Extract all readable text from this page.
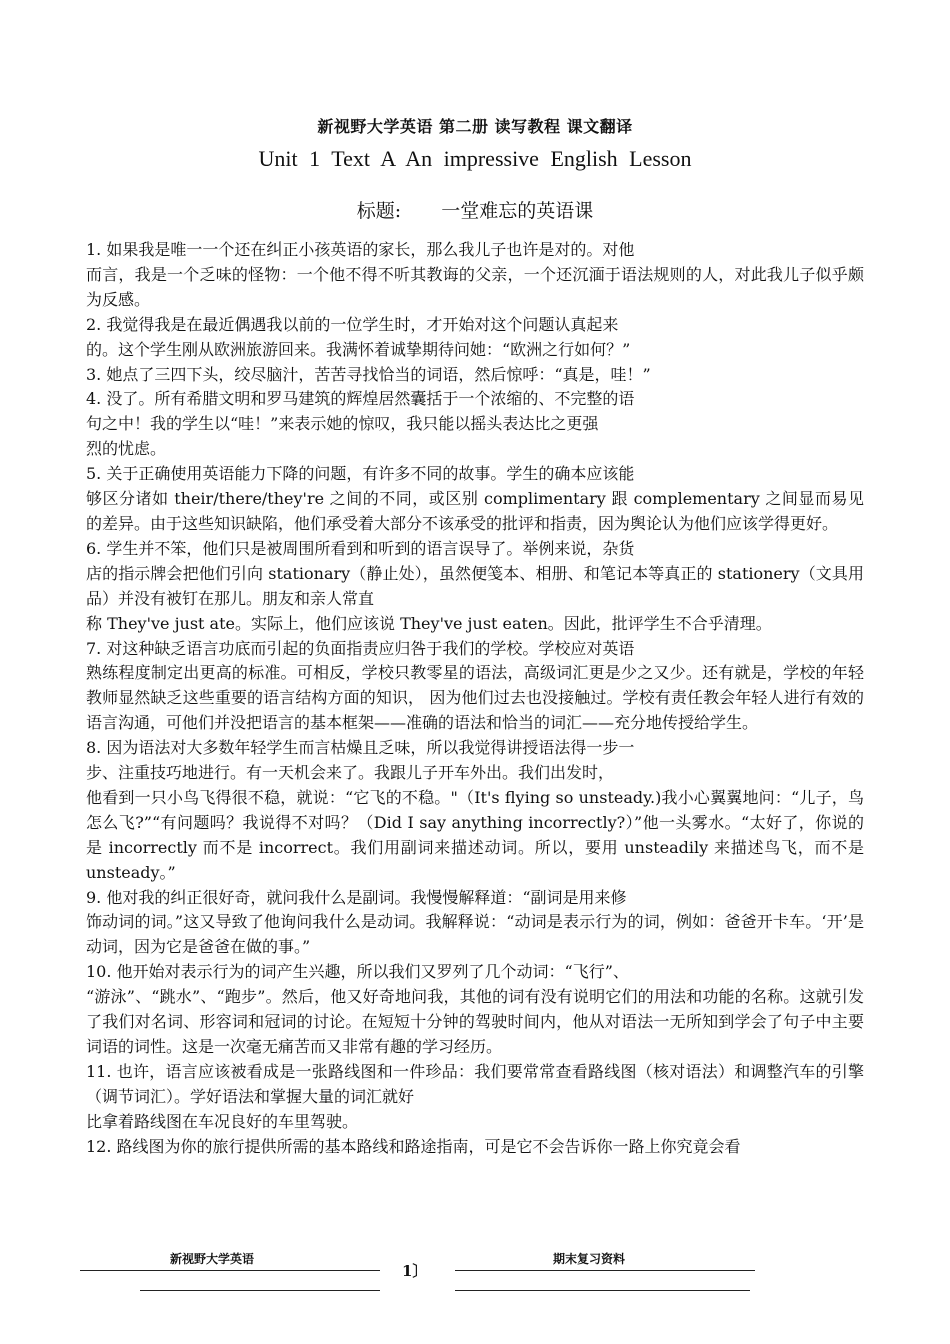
新视野大学英语 第二册 读写教程 课文翻译
Unit 1 Text A An impressive English Lesson
标题: 一堂难忘的英语课

1. 如果我是唯一一个还在纠正小孩英语的家长，那么我儿子也许是对的。对他
而言，我是一个乏味的怪物：一个他不得不听其教诲的父亲，一个还沉湎于语法规则的人，对此我儿子似乎颇为反感。

2. 我觉得我是在最近偶遇我以前的一位学生时，才开始对这个问题认真起来
的。这个学生刚从欧洲旅游回来。我满怀着诚挚期待问她：“欧洲之行如何？”

3. 她点了三四下头，绞尽脑汁，苦苦寻找恰当的词语，然后惊呼：“真是，哇！”

4. 没了。所有希腊文明和罗马建筑的辉煌居然囊括于一个浓缩的、不完整的语
句之中！我的学生以“哇！”来表示她的惊叹，我只能以摇头表达比之更强
烈的忧虑。

5. 关于正确使用英语能力下降的问题，有许多不同的故事。学生的确本应该能
够区分诸如 their/there/they're 之间的不同，或区别 complimentary 跟 complementary 之间显而易见的差异。由于这些知识缺陷，他们承受着大部分不该承受的批评和指责，因为舆论认为他们应该学得更好。

6. 学生并不笨，他们只是被周围所看到和听到的语言误导了。举例来说，杂货
店的指示牌会把他们引向 stationary（静止处），虽然便笺本、相册、和笔记本等真正的 stationery（文具用品）并没有被钉在那儿。朋友和亲人常直
称 They've just ate。实际上，他们应该说 They've just eaten。因此，批评学生不合乎清理。

7. 对这种缺乏语言功底而引起的负面指责应归咎于我们的学校。学校应对英语
熟练程度制定出更高的标准。可相反，学校只教零星的语法，高级词汇更是少之又少。还有就是，学校的年轻教师显然缺乏这些重要的语言结构方面的知识， 因为他们过去也没接触过。学校有责任教会年轻人进行有效的语言沟通，可他们并没把语言的基本框架——准确的语法和恰当的词汇——充分地传授给学生。

8. 因为语法对大多数年轻学生而言枯燥且乏味，所以我觉得讲授语法得一步一
步、注重技巧地进行。有一天机会来了。我跟儿子开车外出。我们出发时，
他看到一只小鸟飞得很不稳，就说：“它飞的不稳。"（It's flying so unsteady.)我小心翼翼地问：“儿子，鸟怎么飞?”“有问题吗？我说得不对吗？（Did I say anything incorrectly?）”他一头雾水。“太好了，你说的是 incorrectly 而不是 incorrect。我们用副词来描述动词。所以，要用 unsteadily 来描述鸟飞，而不是 unsteady。”

9. 他对我的纠正很好奇，就问我什么是副词。我慢慢解释道：“副词是用来修
饰动词的词。”这又导致了他询问我什么是动词。我解释说：“动词是表示行为的词，例如：爸爸开卡车。‘开’是动词，因为它是爸爸在做的事。”

10. 他开始对表示行为的词产生兴趣，所以我们又罗列了几个动词：“飞行”、
“游泳”、“跳水”、“跑步”。然后，他又好奇地问我，其他的词有没有说明它们的用法和功能的名称。这就引发了我们对名词、形容词和冠词的讨论。在短短十分钟的驾驶时间内，他从对语法一无所知到学会了句子中主要词语的词性。这是一次毫无痛苦而又非常有趣的学习经历。

11. 也许，语言应该被看成是一张路线图和一件珍品：我们要常常查看路线图（核对语法）和调整汽车的引擎（调节词汇）。学好语法和掌握大量的词汇就好
比拿着路线图在车况良好的车里驾驶。

12. 路线图为你的旅行提供所需的基本路线和路途指南，可是它不会告诉你一路上你究竟会看

新视野大学英语
1〕
期末复习资料
